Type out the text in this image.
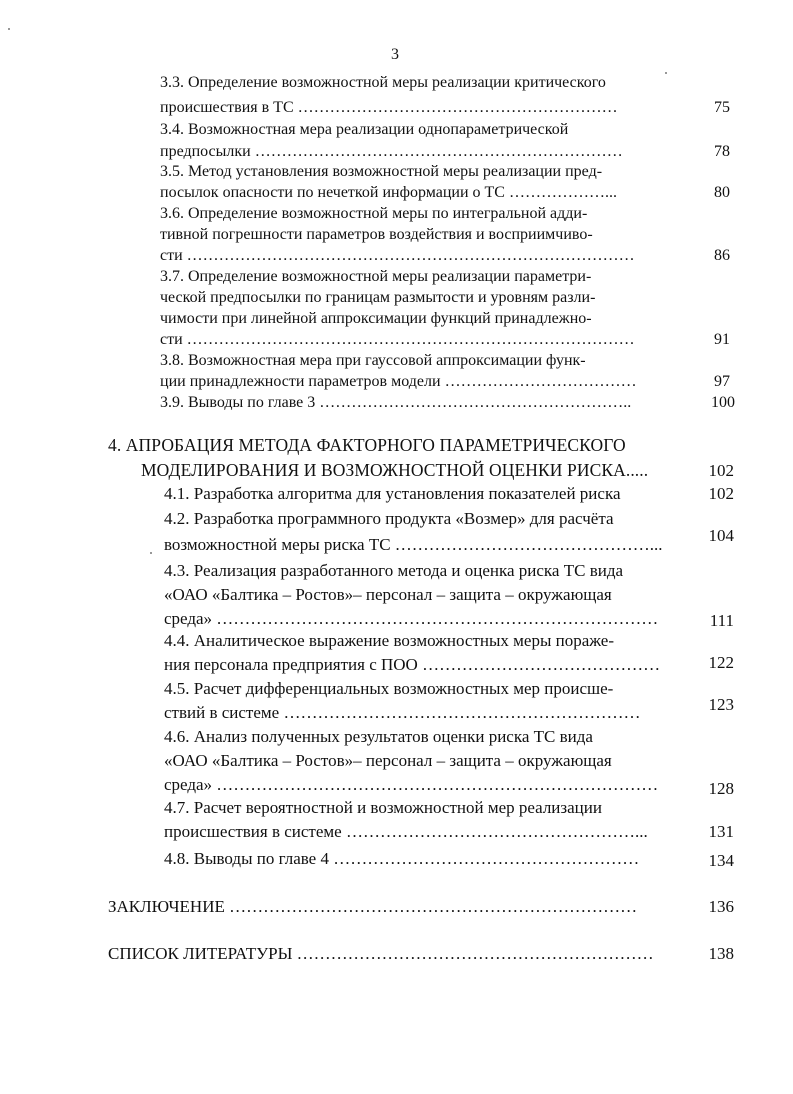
3
3.3. Определение возможностной меры реализации критического
происшествия в ТС ……………………………………………………	75
3.4. Возможностная мера реализации однопараметрической
предпосылки ……………………………………………………………	78
3.5. Метод установления возможностной меры реализации пред-
посылок опасности по нечеткой информации о ТС ………………...	80
3.6. Определение возможностной меры по интегральной адди-
тивной погрешности параметров воздействия и восприимчиво-
сти …………………………………………………………………………	86
3.7. Определение возможностной меры реализации параметри-
ческой предпосылки по границам размытости и уровням разли-
чимости при линейной аппроксимации функций принадлежно-
сти …………………………………………………………………………	91
3.8. Возможностная мера при гауссовой аппроксимации функ-
ции принадлежности параметров модели ………………………………	97
3.9. Выводы по главе 3 …………………………………………………..	100
4. АПРОБАЦИЯ МЕТОДА ФАКТОРНОГО ПАРАМЕТРИЧЕСКОГО
МОДЕЛИРОВАНИЯ И ВОЗМОЖНОСТНОЙ ОЦЕНКИ РИСКА.....	102
4.1. Разработка алгоритма для установления показателей риска	102
4.2. Разработка программного продукта «Возмер» для расчёта
возможностной меры риска ТС ………………………………………...	104
4.3. Реализация разработанного метода и оценка риска ТС вида
«ОАО «Балтика – Ростов»– персонал – защита – окружающая
среда» ……………………………………………………………………	111
4.4. Аналитическое выражение возможностных меры пораже-
ния персонала предприятия с ПОО ……………………………………	122
4.5. Расчет дифференциальных возможностных мер происше-
ствий в системе ………………………………………………………	123
4.6. Анализ полученных результатов оценки риска ТС вида
«ОАО «Балтика – Ростов»– персонал – защита – окружающая
среда» ……………………………………………………………………	128
4.7. Расчет вероятностной и возможностной мер реализации
происшествия в системе ……………………………………………...	131
4.8. Выводы по главе 4 ………………………………………………	134
ЗАКЛЮЧЕНИЕ ………………………………………………………………	136
СПИСОК ЛИТЕРАТУРЫ ………………………………………………………	138
